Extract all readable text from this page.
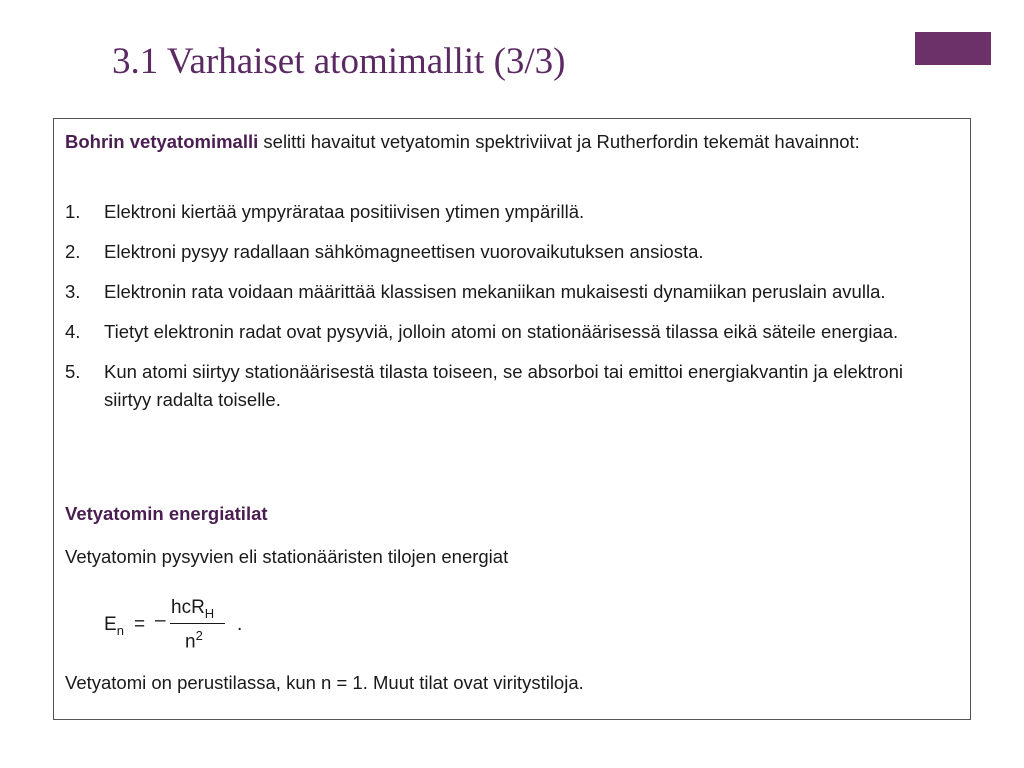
3.1 Varhaiset atomimallit (3/3)

Bohrin vetyatomimalli selitti havaitut vetyatomin spektriviivat ja Rutherfordin tekemät havainnot:

1. Elektroni kiertää ympyrärataa positiivisen ytimen ympärillä.
2. Elektroni pysyy radallaan sähkömagneettisen vuorovaikutuksen ansiosta.
3. Elektronin rata voidaan määrittää klassisen mekaniikan mukaisesti dynamiikan peruslain avulla.
4. Tietyt elektronin radat ovat pysyviä, jolloin atomi on stationäärisessä tilassa eikä säteile energiaa.
5. Kun atomi siirtyy stationäärisestä tilasta toiseen, se absorboi tai emittoi energiakvantin ja elektroni siirtyy radalta toiselle.

Vetyatomin energiatilat

Vetyatomin pysyvien eli stationääristen tilojen energiat

$E_n$ = –
hcR$_H$
$n^2$
.

Vetyatomi on perustilassa, kun n = 1. Muut tilat ovat viritystiloja.
